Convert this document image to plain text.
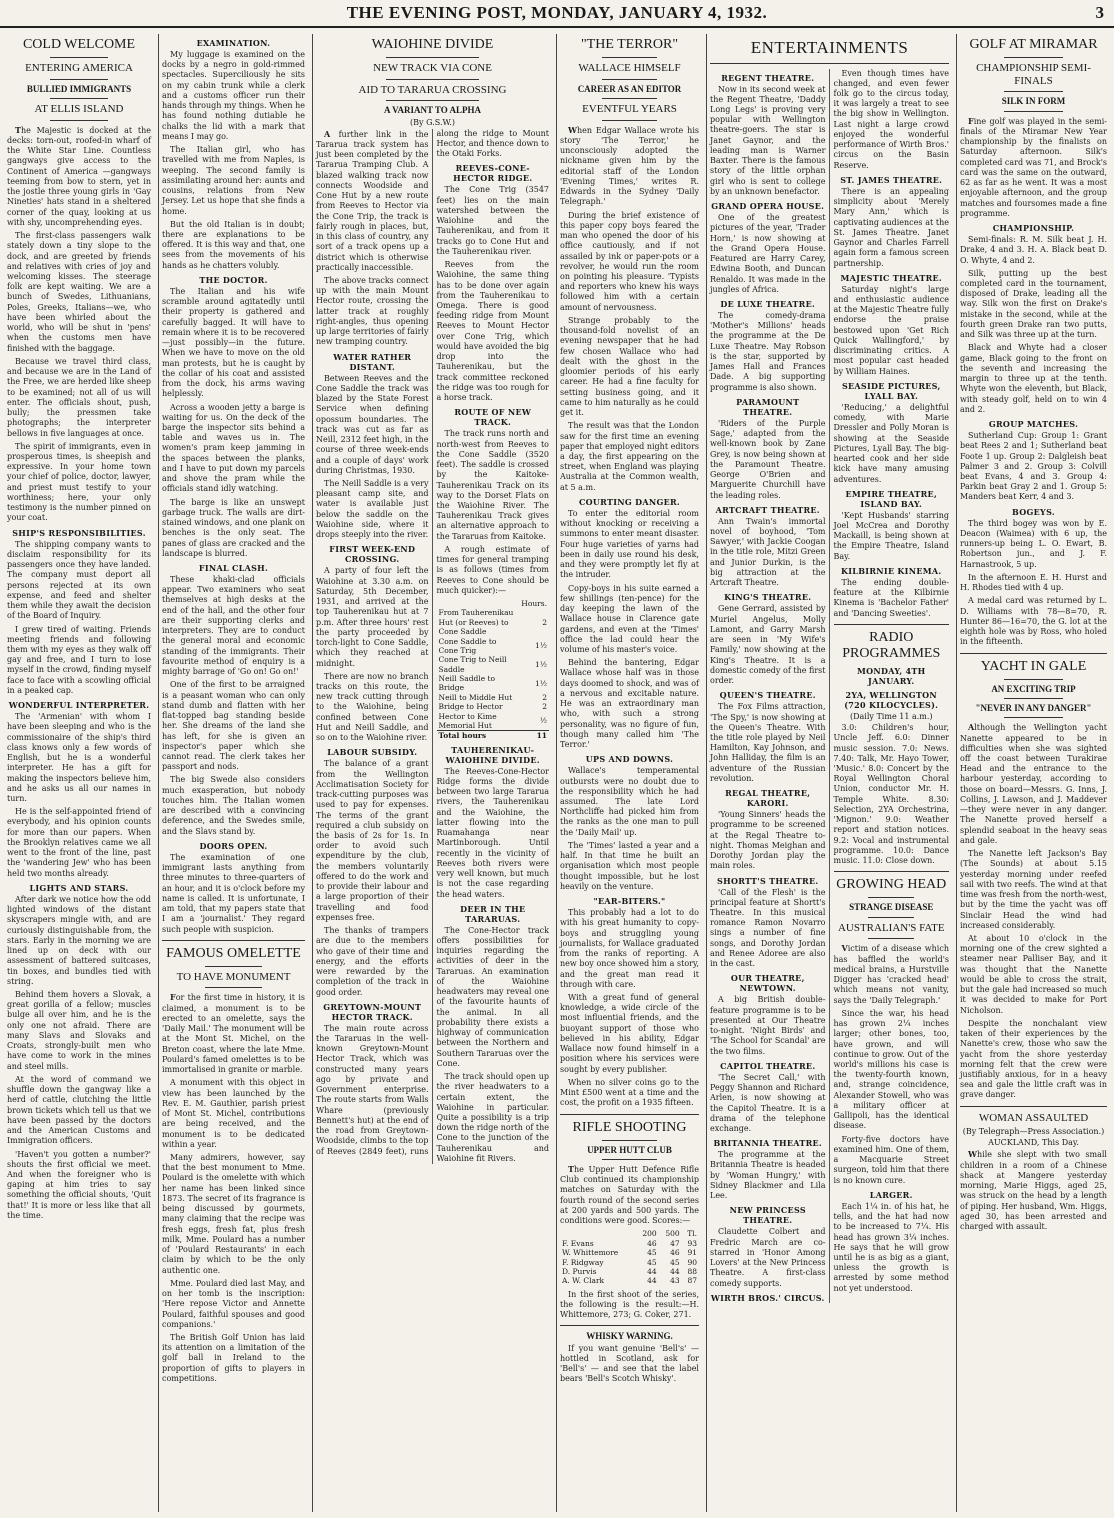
THE EVENING POST, MONDAY, JANUARY 4, 1932.	3
COLD WELCOME
ENTERING AMERICA
BULLIED IMMIGRANTS
AT ELLIS ISLAND

The Majestic is docked at the decks: torn-out, roofed-in wharf of the White Star Line. Countless gangways give access to the Continent of America —gangways teeming from bow to stern, yet in the jostle three young girls in 'Gay Nineties' hats stand in a sheltered corner of the quay, looking at us with shy, uncomprehending eyes.

The first-class passengers walk stately down a tiny slope to the dock, and are greeted by friends and relatives with cries of joy and welcoming kisses. The steerage folk are kept waiting. We are a bunch of Swedes, Lithuanians, Poles, Greeks, Italians—we, who have been whirled about the world, who will be shut in 'pens' when the customs men have finished with the baggage.

Because we travel third class, and because we are in the Land of the Free, we are herded like sheep to be examined; not all of us will enter. The officials shout, push, bully; the pressmen take photographs; the interpreter bellows in five languages at once.

The spirit of immigrants, even in prosperous times, is sheepish and expressive. In your home town your chief of police, doctor, lawyer, and priest must testify to your worthiness; here, your only testimony is the number pinned on your coat.

SHIP'S RESPONSIBILITIES.

The shipping company wants to disclaim responsibility for its passengers once they have landed. The company must deport all persons rejected at its own expense, and feed and shelter them while they await the decision of the Board of Inquiry.

I grew tired of waiting. Friends meeting friends and following them with my eyes as they walk off gay and free, and I turn to lose myself in the crowd, finding myself face to face with a scowling official in a peaked cap.

WONDERFUL INTERPRETER.

The 'Armenian' with whom I have been sleeping and who is the commissionaire of the ship's third class knows only a few words of English, but he is a wonderful interpreter. He has a gift for making the inspectors believe him, and he asks us all our names in turn.

He is the self-appointed friend of everybody, and his opinion counts for more than our papers. When the Brooklyn relatives came we all went to the front of the line, past the 'wandering Jew' who has been held two months already.

LIGHTS AND STARS.

After dark we notice how the odd lighted windows of the distant skyscrapers mingle with, and are curiously distinguishable from, the stars. Early in the morning we are lined up on deck with our assessment of battered suitcases, tin boxes, and bundles tied with string.

Behind them hovers a Slovak, a great gorilla of a fellow; muscles bulge all over him, and he is the only one not afraid. There are many Slavs and Slovaks and Croats, strongly-built men who have come to work in the mines and steel mills.

At the word of command we shuffle down the gangway like a herd of cattle, clutching the little brown tickets which tell us that we have been passed by the doctors and the American Customs and Immigration officers.

'Haven't you gotten a number?' shouts the first official we meet. And when the foreigner who is gaping at him tries to say something the official shouts, 'Quit that!' It is more or less like that all the time.

EXAMINATION.

My luggage is examined on the docks by a negro in gold-rimmed spectacles. Superciliously he sits on my cabin trunk while a clerk and a customs officer run their hands through my things. When he has found nothing dutiable he chalks the lid with a mark that means I may go.

The Italian girl, who has travelled with me from Naples, is weeping. The second family is assimilating around her: aunts and cousins, relations from New Jersey. Let us hope that she finds a home.

But the old Italian is in doubt; there are explanations to be offered. It is this way and that, one sees from the movements of his hands as he chatters volubly.

THE DOCTOR.

The Italian and his wife scramble around agitatedly until their property is gathered and carefully bagged. It will have to remain where it is to be recovered—just possibly—in the future. When we have to move on the old man protests, but he is caught by the collar of his coat and assisted from the dock, his arms waving helplessly.

Across a wooden jetty a barge is waiting for us. On the deck of the barge the inspector sits behind a table and waves us in. The women's pram keep jamming in the spaces between the planks, and I have to put down my parcels and shove the pram while the officials stand idly watching.

The barge is like an unswept garbage truck. The walls are dirt-stained windows, and one plank on benches is the only seat. The panes of glass are cracked and the landscape is blurred.

FINAL CLASH.

These khaki-clad officials appear. Two examiners who seat themselves at high desks at the end of the hall, and the other four are their supporting clerks and interpreters. They are to conduct the general moral and economic standing of the immigrants. Their favourite method of enquiry is a mighty barrage of 'Go on! Go on!'

One of the first to be arraigned is a peasant woman who can only stand dumb and flatten with her flat-topped bag standing beside her. She dreams of the land she has left, for she is given an inspector's paper which she cannot read. The clerk takes her passport and nods.

The big Swede also considers much exasperation, but nobody touches him. The Italian women are described with a convincing deference, and the Swedes smile, and the Slavs stand by.

DOORS OPEN.

The examination of one immigrant lasts anything from three minutes to three-quarters of an hour, and it is o'clock before my name is called. It is unfortunate, I am told, that my papers state that I am a 'journalist.' They regard such people with suspicion.

FAMOUS OMELETTE
TO HAVE MONUMENT

For the first time in history, it is claimed, a monument is to be erected to an omelette, says the 'Daily Mail.' The monument will be at the Mont St. Michel, on the Breton coast, where the late Mme. Poulard's famed omelettes is to be immortalised in granite or marble.

A monument with this object in view has been launched by the Rev. E. M. Gauthier, parish priest of Mont St. Michel, contributions are being received, and the monument is to be dedicated within a year.

Many admirers, however, say that the best monument to Mme. Poulard is the omelette with which her name has been linked since 1873. The secret of its fragrance is being discussed by gourmets, many claiming that the recipe was fresh eggs, fresh fat, plus fresh milk, Mme. Poulard has a number of 'Poulard Restaurants' in each claim by which to be the only authentic one.

Mme. Poulard died last May, and on her tomb is the inscription: 'Here repose Victor and Annette Poulard, faithful spouses and good companions.'

The British Golf Union has laid its attention on a limitation of the golf ball in Ireland to the proportion of gifts to players in competitions.

WAIOHINE DIVIDE
NEW TRACK VIA CONE
AID TO TARARUA CROSSING
A VARIANT TO ALPHA
(By G.S.W.)

A further link in the Tararua track system has just been completed by the Tararua Tramping Club. A blazed walking track now connects Woodside and Cone Hut by a new route from Reeves to Hector via the Cone Trip, the track is fairly rough in places, but, in this class of country, any sort of a track opens up a district which is otherwise practically inaccessible.

The above tracks connect up with the main Mount Hector route, crossing the latter track at roughly right-angles, thus opening up large territories of fairly new tramping country.

WATER RATHER DISTANT.

Between Reeves and the Cone Saddle the track was blazed by the State Forest Service when defining opossum boundaries. The track was cut as far as Neill, 2312 feet high, in the course of three week-ends and a couple of days' work during Christmas, 1930.

The Neill Saddle is a very pleasant camp site, and water is available just below the saddle on the Waiohine side, where it drops steeply into the river.

FIRST WEEK-END CROSSING.

A party of four left the Waiohine at 3.30 a.m. on Saturday, 5th December, 1931, and arrived at the top Tauherenikau hut at 7 p.m. After three hours' rest the party proceeded by torch-light to Cone Saddle, which they reached at midnight.

There are now no branch tracks on this route, the new track cutting through to the Waiohine, being confined between Cone Hut and Neill Saddle, and so on to the Waiohine river.

LABOUR SUBSIDY.

The balance of a grant from the Wellington Acclimatisation Society for track-cutting purposes was used to pay for expenses. The terms of the grant required a club subsidy on the basis of 2s for 1s. In order to avoid such expenditure by the club, the members voluntarily offered to do the work and to provide their labour and a large proportion of their travelling and food expenses free.

The thanks of trampers are due to the members who gave of their time and energy, and the efforts were rewarded by the completion of the track in good order.

GREYTOWN-MOUNT HECTOR TRACK.

The main route across the Tararuas in the well-known Greytown-Mount Hector Track, which was constructed many years ago by private and Government enterprise. The route starts from Walls Whare (previously Bennett's hut) at the end of the road from Greytown-Woodside, climbs to the top of Reeves (2849 feet), runs along the ridge to Mount Hector, and thence down to the Otaki Forks.

REEVES-CONE-HECTOR RIDGE.

The Cone Trig (3547 feet) lies on the main watershed between the Waiohine and the Tauherenikau, and from it tracks go to Cone Hut and the Tauherenikau river.

Reeves from the Waiohine, the same thing has to be done over again from the Tauherenikau to Omega. There is good feeding ridge from Mount Reeves to Mount Hector over Cone Trig, which would have avoided the big drop into the Tauherenikau, but the track committee reckoned the ridge was too rough for a horse track.

ROUTE OF NEW TRACK.

The track runs north and north-west from Reeves to the Cone Saddle (3520 feet). The saddle is crossed by the Kaitoke-Tauherenikau Track on its way to the Dorset Flats on the Waiohine River. The Tauherenikau Track gives an alternative approach to the Tararuas from Kaitoke.

A rough estimate of times for general tramping is as follows (times from Reeves to Cone should be much quicker):—

	Hours.
From Tauherenikau Hut (or Reeves) to Cone Saddle	2
Cone Saddle to Cone Trig	1½
Cone Trig to Neill Saddle	1½
Neill Saddle to Bridge	1½
Neill to Middle Hut	2
Bridge to Hector	2
Hector to Kime Memorial Hut	½
Total hours	11
TAUHERENIKAU-WAIOHINE DIVIDE.

The Reeves-Cone-Hector Ridge forms the divide between two large Tararua rivers, the Tauherenikau and the Waiohine, the latter flowing into the Ruamahanga near Martinborough. Until recently in the vicinity of Reeves both rivers were very well known, but much is not the case regarding the head waters.

DEER IN THE TARARUAS.

The Cone-Hector track offers possibilities for inquiries regarding the activities of deer in the Tararuas. An examination of the Waiohine headwaters may reveal one of the favourite haunts of the animal. In all probability there exists a highway of communication between the Northern and Southern Tararuas over the Cone.

The track should open up the river headwaters to a certain extent, the Waiohine in particular. Quite a possibility is a trip down the ridge north of the Cone to the junction of the Tauherenikau and Waiohine fit Rivers.

"THE TERROR"
WALLACE HIMSELF
CAREER AS AN EDITOR
EVENTFUL YEARS

When Edgar Wallace wrote his story 'The Terror,' he unconsciously adopted the nickname given him by the editorial staff of the London 'Evening Times,' writes R. Edwards in the Sydney 'Daily Telegraph.'

During the brief existence of this paper copy boys feared the man who opened the door of his office cautiously, and if not assailed by ink or paper-pots or a revolver, he would run the room on pointing his pleasure. 'Typists and reporters who knew his ways followed him with a certain amount of nervousness.

Strange probably to the thousand-fold novelist of an evening newspaper that he had few chosen Wallace who had dealt with the ghost in the gloomier periods of his early career. He had a fine faculty for setting business going, and it came to him naturally as he could get it.

The result was that the London saw for the first time an evening paper that employed night editors a day, the first appearing on the street, when England was playing Australia at the Common wealth, at 5 a.m.

COURTING DANGER.

To enter the editorial room without knocking or receiving a summons to enter meant disaster. Four huge varieties of yarns had been in daily use round his desk, and they were promptly let fly at the intruder.

Copy-boys in his suite earned a few shillings (ten-pence) for the day keeping the lawn of the Wallace house in Clarence gate gardens, and even at the 'Times' office the lad could hear the volume of his master's voice.

Behind the bantering, Edgar Wallace whose half was in those days doomed to shock, and was of a nervous and excitable nature. He was an extraordinary man who, with such a strong personality, was no figure of fun, though many called him 'The Terror.'

UPS AND DOWNS.

Wallace's temperamental outbursts were no doubt due to the responsibility which he had assumed. The late Lord Northcliffe had picked him from the ranks as the one man to pull the 'Daily Mail' up.

The 'Times' lasted a year and a half. In that time he built an organisation which most people thought impossible, but he lost heavily on the venture.

"EAR-BITERS."

This probably had a lot to do with his great humanity to copy-boys and struggling young journalists, for Wallace graduated from the ranks of reporting. A new boy once showed him a story, and the great man read it through with care.

With a great fund of general knowledge, a wide circle of the most influential friends, and the buoyant support of those who believed in his ability, Edgar Wallace now found himself in a position where his services were sought by every publisher.

When no silver coins go to the Mint £500 went at a time and the cost, the profit on a 1935 fifteen.

RIFLE SHOOTING
UPPER HUTT CLUB

The Upper Hutt Defence Rifle Club continued its championship matches on Saturday with the fourth round of the second series at 200 yards and 500 yards. The conditions were good. Scores:—

	200	500	Tl.
F. Evans	46	47	93
W. Whittemore	45	46	91
F. Ridgway	45	45	90
D. Purvis	44	44	88
A. W. Clark	44	43	87

In the first shoot of the series, the following is the result:—H. Whittemore, 273; G. Coker, 271.

WHISKY WARNING.

If you want genuine 'Bell's' — hottled in Scotland, ask for 'Bell's' — and see that the label bears 'Bell's Scotch Whisky'.

ENTERTAINMENTS
REGENT THEATRE.

Now in its second week at the Regent Theatre, 'Daddy Long Legs' is proving very popular with Wellington theatre-goers. The star is Janet Gaynor, and the leading man is Warner Baxter. There is the famous story of the little orphan girl who is sent to college by an unknown benefactor.

GRAND OPERA HOUSE.

One of the greatest pictures of the year, 'Trader Horn,' is now showing at the Grand Opera House. Featured are Harry Carey, Edwina Booth, and Duncan Renaldo. It was made in the jungles of Africa.

DE LUXE THEATRE.

The comedy-drama 'Mother's Millions' heads the programme at the De Luxe Theatre. May Robson is the star, supported by James Hall and Frances Dade. A big supporting programme is also shown.

PARAMOUNT THEATRE.

'Riders of the Purple Sage,' adapted from the well-known book by Zane Grey, is now being shown at the Paramount Theatre. George O'Brien and Marguerite Churchill have the leading roles.

ARTCRAFT THEATRE.

Ann Twain's immortal novel of boyhood, 'Tom Sawyer,' with Jackie Coogan in the title role, Mitzi Green and Junior Durkin, is the big attraction at the Artcraft Theatre.

KING'S THEATRE.

Gene Gerrard, assisted by Muriel Angelus, Molly Lamont, and Garry Marsh are seen in 'My Wife's Family,' now showing at the King's Theatre. It is a domestic comedy of the first order.

QUEEN'S THEATRE.

The Fox Films attraction, 'The Spy,' is now showing at the Queen's Theatre. With the title role played by Neil Hamilton, Kay Johnson, and John Halliday, the film is an adventure of the Russian revolution.

REGAL THEATRE, KARORI.

'Young Sinners' heads the programme to be screened at the Regal Theatre to-night. Thomas Meighan and Dorothy Jordan play the main roles.

SHORTT'S THEATRE.

'Call of the Flesh' is the principal feature at Shortt's Theatre. In this musical romance Ramon Novarro sings a number of fine songs, and Dorothy Jordan and Renee Adoree are also in the cast.

OUR THEATRE, NEWTOWN.

A big British double-feature programme is to be presented at Our Theatre to-night. 'Night Birds' and 'The School for Scandal' are the two films.

CAPITOL THEATRE.

'The Secret Call,' with Peggy Shannon and Richard Arlen, is now showing at the Capitol Theatre. It is a drama of the telephone exchange.

BRITANNIA THEATRE.

The programme at the Britannia Theatre is headed by 'Woman Hungry,' with Sidney Blackmer and Lila Lee.

NEW PRINCESS THEATRE.

Claudette Colbert and Fredric March are co-starred in 'Honor Among Lovers' at the New Princess Theatre. A first-class comedy supports.

WIRTH BROS.' CIRCUS.

Even though times have changed, and even fewer folk go to the circus today, it was largely a treat to see the big show in Wellington. Last night a large crowd enjoyed the wonderful performance of Wirth Bros.' circus on the Basin Reserve.

ST. JAMES THEATRE.

There is an appealing simplicity about 'Merely Mary Ann,' which is captivating audiences at the St. James Theatre. Janet Gaynor and Charles Farrell again form a famous screen partnership.

MAJESTIC THEATRE.

Saturday night's large and enthusiastic audience at the Majestic Theatre fully endorse the praise bestowed upon 'Get Rich Quick Wallingford,' by discriminating critics. A most popular cast headed by William Haines.

SEASIDE PICTURES, LYALL BAY.

'Reducing,' a delightful comedy, with Marie Dressler and Polly Moran is showing at the Seaside Pictures, Lyall Bay. The big-hearted cook and her side kick have many amusing adventures.

EMPIRE THEATRE, ISLAND BAY.

'Kept Husbands' starring Joel McCrea and Dorothy Mackaill, is being shown at the Empire Theatre, Island Bay.

KILBIRNIE KINEMA.

The ending double-feature at the Kilbirnie Kinema is 'Bachelor Father' and 'Dancing Sweeties'.

RADIO PROGRAMMES
MONDAY, 4TH JANUARY.
2YA, WELLINGTON (720 KILOCYCLES).
(Daily Time 11 a.m.)

3.0: Children's hour, Uncle Jeff. 6.0: Dinner music session. 7.0: News. 7.40: Talk, Mr. Hayo Tower, 'Music.' 8.0: Concert by the Royal Wellington Choral Union, conductor Mr. H. Temple White. 8.30: Selection, 2YA Orchestrina, 'Mignon.' 9.0: Weather report and station notices. 9.2: Vocal and instrumental programme. 10.0: Dance music. 11.0: Close down.

GROWING HEAD
STRANGE DISEASE
AUSTRALIAN'S FATE

Victim of a disease which has baffled the world's medical brains, a Hurstville Digger has 'cracked head' which means not vanity, says the 'Daily Telegraph.'

Since the war, his head has grown 2¼ inches larger; other bones, too, have grown, and will continue to grow. Out of the world's millions his case is the twenty-fourth known, and, strange coincidence, Alexander Stowell, who was a military officer at Gallipoli, has the identical disease.

Forty-five doctors have examined him. One of them, a Macquarie Street surgeon, told him that there is no known cure.

LARGER.

Each 1¼ in. of his hat, he tells, and the hat had now to be increased to 7¼. His head has grown 3¼ inches. He says that he will grow until he is as big as a giant, unless the growth is arrested by some method not yet understood.

GOLF AT MIRAMAR
CHAMPIONSHIP SEMI-FINALS
SILK IN FORM

Fine golf was played in the semi-finals of the Miramar New Year championship by the finalists on Saturday afternoon. Silk's completed card was 71, and Brock's card was the same on the outward, 62 as far as he went. It was a most enjoyable afternoon, and the group matches and foursomes made a fine programme.

CHAMPIONSHIP.

Semi-finals: R. M. Silk beat J. H. Drake, 4 and 3. H. A. Black beat D. O. Whyte, 4 and 2.

Silk, putting up the best completed card in the tournament, disposed of Drake, leading all the way. Silk won the first on Drake's mistake in the second, while at the fourth green Drake ran two putts, and Silk was three up at the turn.

Black and Whyte had a closer game, Black going to the front on the seventh and increasing the margin to three up at the tenth. Whyte won the eleventh, but Black, with steady golf, held on to win 4 and 2.

GROUP MATCHES.

Sutherland Cup: Group 1: Grant beat Rees 2 and 1; Sutherland beat Foote 1 up. Group 2: Dalgleish beat Palmer 3 and 2. Group 3: Colvill beat Evans, 4 and 3. Group 4: Parkin beat Gray 2 and 1. Group 5: Manders beat Kerr, 4 and 3.

BOGEYS.

The third bogey was won by E. Deacon (Waimea) with 6 up, the runners-up being L. O. Ewart, B. Robertson jun., and J. F. Harnastrook, 5 up.

In the afternoon E. H. Hurst and H. Rhodes tied with 4 up.

A medal card was returned by L. D. Williams with 78—8=70, R. Hunter 86—16=70, the G. lot at the eighth hole was by Ross, who holed in the fifteenth.

YACHT IN GALE
AN EXCITING TRIP
"NEVER IN ANY DANGER"

Although the Wellington yacht Nanette appeared to be in difficulties when she was sighted off the coast between Turakirae Head and the entrance to the harbour yesterday, according to those on board—Messrs. G. Inns, J. Collins, J. Lawson, and J. Maddever—they were never in any danger. The Nanette proved herself a splendid seaboat in the heavy seas and gale.

The Nanette left Jackson's Bay (The Sounds) at about 5.15 yesterday morning under reefed sail with two reefs. The wind at that time was fresh from the north-west, but by the time the yacht was off Sinclair Head the wind had increased considerably.

At about 10 o'clock in the morning one of the crew sighted a steamer near Palliser Bay, and it was thought that the Nanette would be able to cross the strait, but the gale had increased so much it was decided to make for Port Nicholson.

Despite the nonchalant view taken of their experiences by the Nanette's crew, those who saw the yacht from the shore yesterday morning felt that the crew were justifiably anxious, for in a heavy sea and gale the little craft was in grave danger.

WOMAN ASSAULTED
(By Telegraph—Press Association.)
AUCKLAND, This Day.

While she slept with two small children in a room of a Chinese shack at Mangere yesterday morning, Marie Higgs, aged 25, was struck on the head by a length of piping. Her husband, Wm. Higgs, aged 30, has been arrested and charged with assault.
